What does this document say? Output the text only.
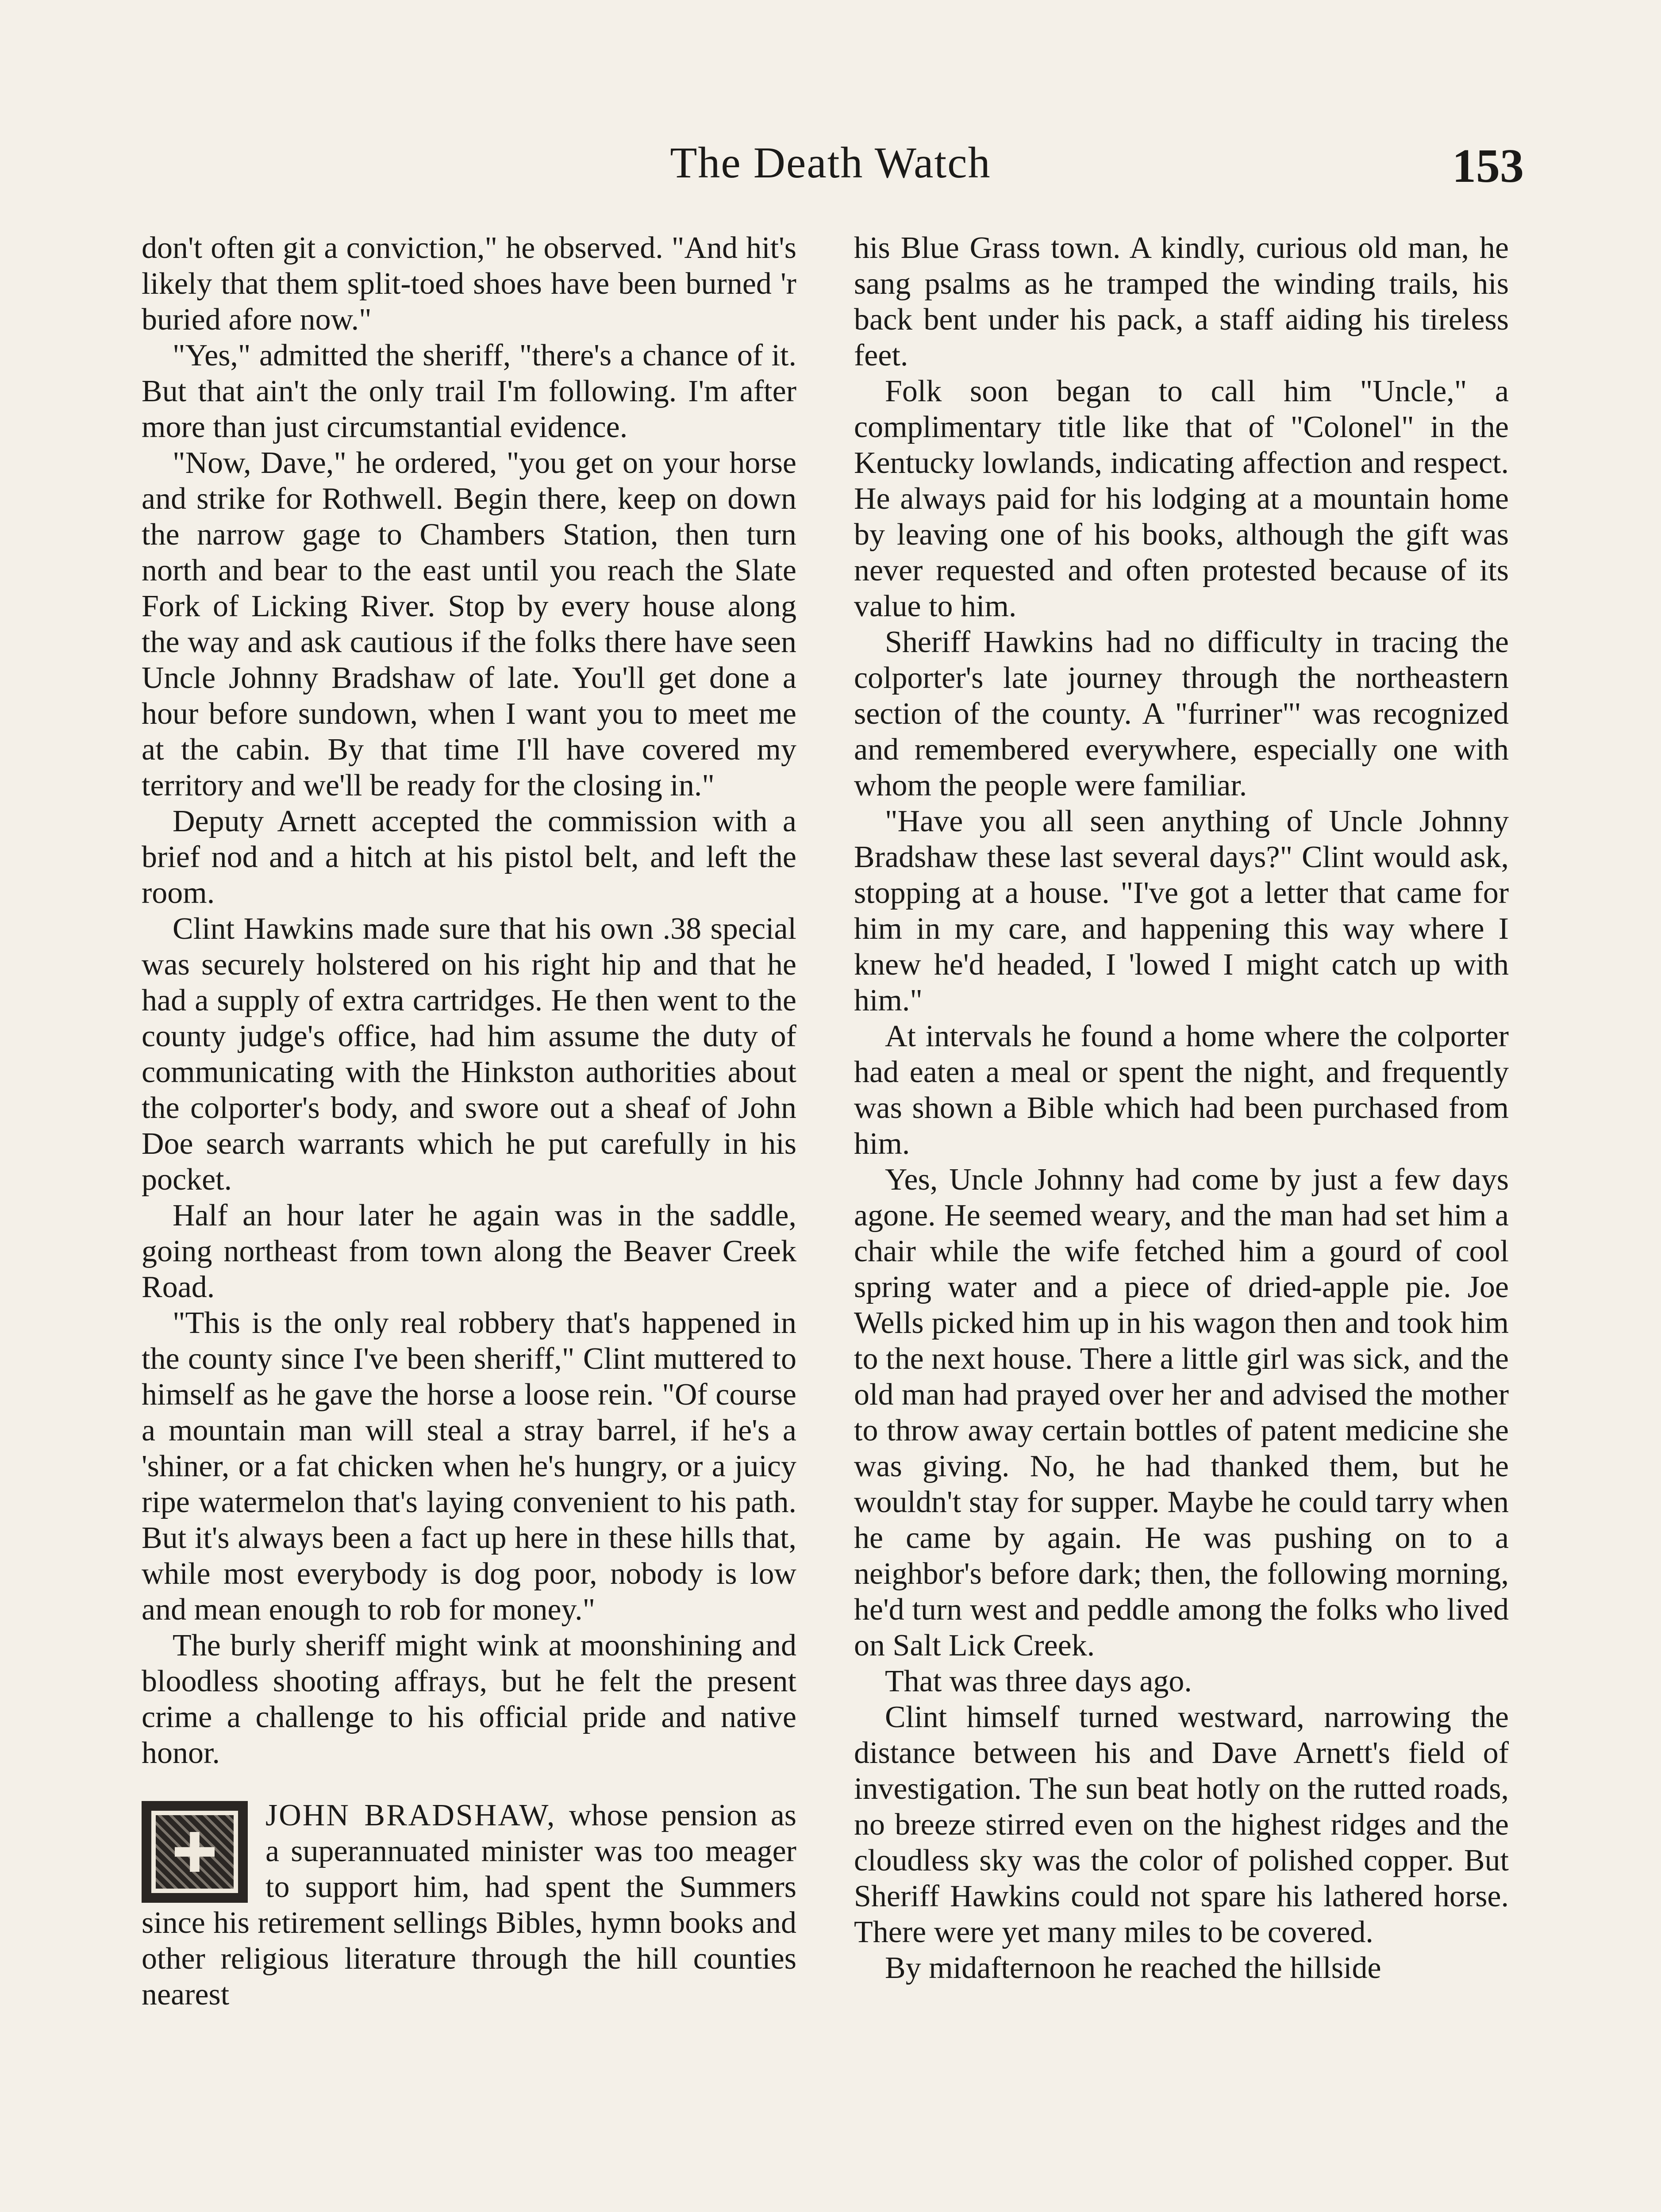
The Death Watch	153

don't often git a conviction," he observed. "And hit's likely that them split-toed shoes have been burned 'r buried afore now."

"Yes," admitted the sheriff, "there's a chance of it. But that ain't the only trail I'm following. I'm after more than just circumstantial evidence.

"Now, Dave," he ordered, "you get on your horse and strike for Rothwell. Begin there, keep on down the narrow gage to Chambers Station, then turn north and bear to the east until you reach the Slate Fork of Licking River. Stop by every house along the way and ask cautious if the folks there have seen Uncle Johnny Bradshaw of late. You'll get done a hour before sundown, when I want you to meet me at the cabin. By that time I'll have covered my territory and we'll be ready for the closing in."

Deputy Arnett accepted the commission with a brief nod and a hitch at his pistol belt, and left the room.

Clint Hawkins made sure that his own .38 special was securely holstered on his right hip and that he had a supply of extra cartridges. He then went to the county judge's office, had him assume the duty of communicating with the Hinkston authorities about the colporter's body, and swore out a sheaf of John Doe search warrants which he put carefully in his pocket.

Half an hour later he again was in the saddle, going northeast from town along the Beaver Creek Road.

"This is the only real robbery that's happened in the county since I've been sheriff," Clint muttered to himself as he gave the horse a loose rein. "Of course a mountain man will steal a stray barrel, if he's a 'shiner, or a fat chicken when he's hungry, or a juicy ripe watermelon that's laying convenient to his path. But it's always been a fact up here in these hills that, while most everybody is dog poor, nobody is low and mean enough to rob for money."

The burly sheriff might wink at moonshining and bloodless shooting affrays, but he felt the present crime a challenge to his official pride and native honor.

JOHN BRADSHAW, whose pension as a superannuated minister was too meager to support him, had spent the Summers since his retirement sellings Bibles, hymn books and other religious literature through the hill counties nearest

his Blue Grass town. A kindly, curious old man, he sang psalms as he tramped the winding trails, his back bent under his pack, a staff aiding his tireless feet.

Folk soon began to call him "Uncle," a complimentary title like that of "Colonel" in the Kentucky lowlands, indicating affection and respect. He always paid for his lodging at a mountain home by leaving one of his books, although the gift was never requested and often protested because of its value to him.

Sheriff Hawkins had no difficulty in tracing the colporter's late journey through the northeastern section of the county. A "furriner"' was recognized and remembered everywhere, especially one with whom the people were familiar.

"Have you all seen anything of Uncle Johnny Bradshaw these last several days?" Clint would ask, stopping at a house. "I've got a letter that came for him in my care, and happening this way where I knew he'd headed, I 'lowed I might catch up with him."

At intervals he found a home where the colporter had eaten a meal or spent the night, and frequently was shown a Bible which had been purchased from him.

Yes, Uncle Johnny had come by just a few days agone. He seemed weary, and the man had set him a chair while the wife fetched him a gourd of cool spring water and a piece of dried-apple pie. Joe Wells picked him up in his wagon then and took him to the next house. There a little girl was sick, and the old man had prayed over her and advised the mother to throw away certain bottles of patent medicine she was giving. No, he had thanked them, but he wouldn't stay for supper. Maybe he could tarry when he came by again. He was pushing on to a neighbor's before dark; then, the following morning, he'd turn west and peddle among the folks who lived on Salt Lick Creek.

That was three days ago.

Clint himself turned westward, narrowing the distance between his and Dave Arnett's field of investigation. The sun beat hotly on the rutted roads, no breeze stirred even on the highest ridges and the cloudless sky was the color of polished copper. But Sheriff Hawkins could not spare his lathered horse. There were yet many miles to be covered.

By midafternoon he reached the hillside
